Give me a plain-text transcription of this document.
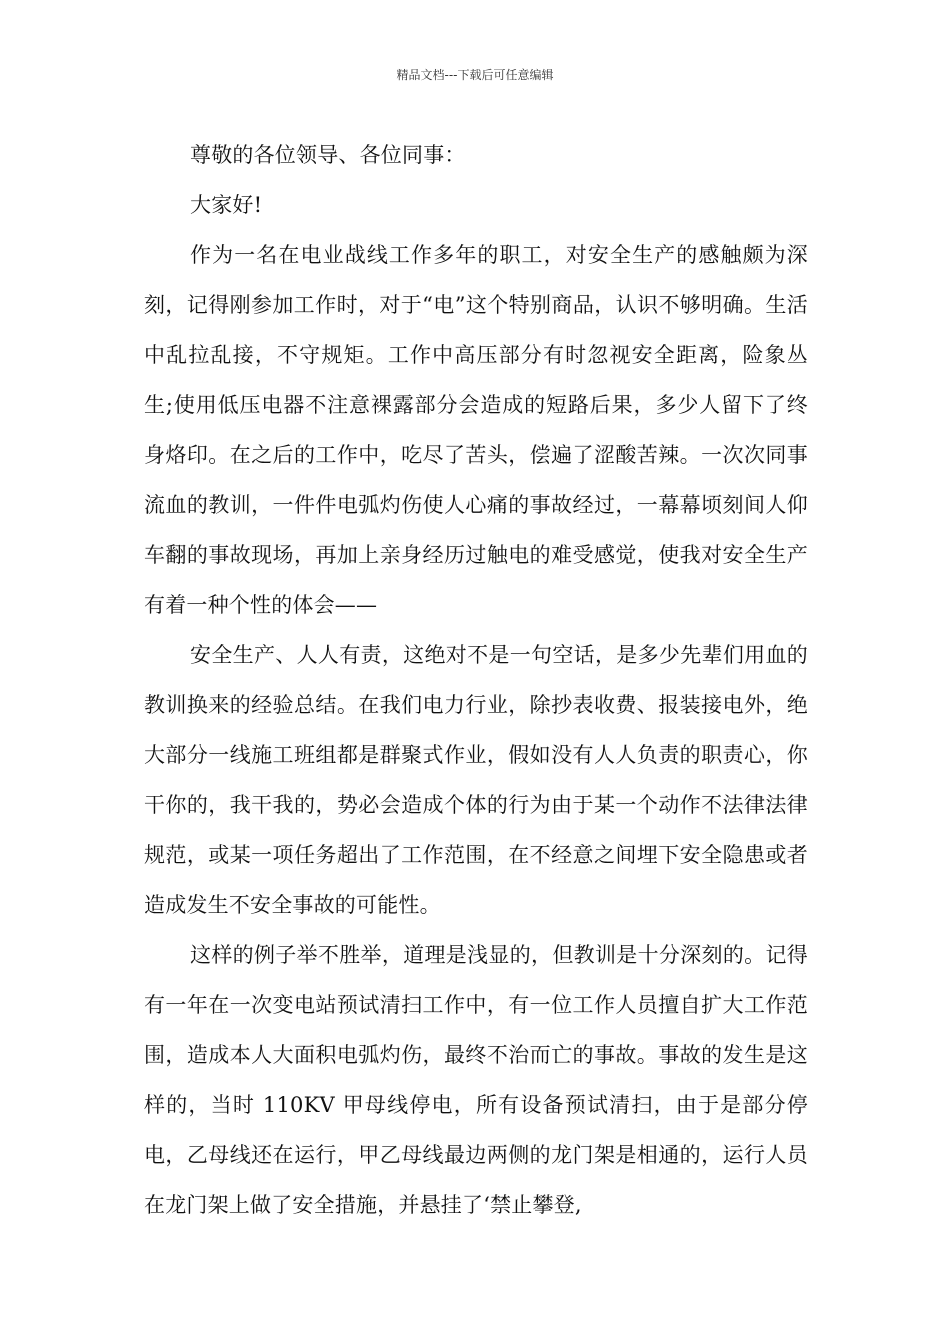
精品文档---下载后可任意编辑

尊敬的各位领导、各位同事：

大家好!

作为一名在电业战线工作多年的职工，对安全生产的感触颇为深刻，记得刚参加工作时，对于“电”这个特别商品，认识不够明确。生活中乱拉乱接，不守规矩。工作中高压部分有时忽视安全距离，险象丛生;使用低压电器不注意裸露部分会造成的短路后果，多少人留下了终身烙印。在之后的工作中，吃尽了苦头，偿遍了涩酸苦辣。一次次同事流血的教训，一件件电弧灼伤使人心痛的事故经过，一幕幕顷刻间人仰车翻的事故现场，再加上亲身经历过触电的难受感觉，使我对安全生产有着一种个性的体会——

安全生产、人人有责，这绝对不是一句空话，是多少先辈们用血的教训换来的经验总结。在我们电力行业，除抄表收费、报装接电外，绝大部分一线施工班组都是群聚式作业，假如没有人人负责的职责心，你干你的，我干我的，势必会造成个体的行为由于某一个动作不法律法律规范，或某一项任务超出了工作范围，在不经意之间埋下安全隐患或者造成发生不安全事故的可能性。

这样的例子举不胜举，道理是浅显的，但教训是十分深刻的。记得有一年在一次变电站预试清扫工作中，有一位工作人员擅自扩大工作范围，造成本人大面积电弧灼伤，最终不治而亡的事故。事故的发生是这样的，当时 110KV 甲母线停电，所有设备预试清扫，由于是部分停电，乙母线还在运行，甲乙母线最边两侧的龙门架是相通的，运行人员在龙门架上做了安全措施，并悬挂了‘禁止攀登,
